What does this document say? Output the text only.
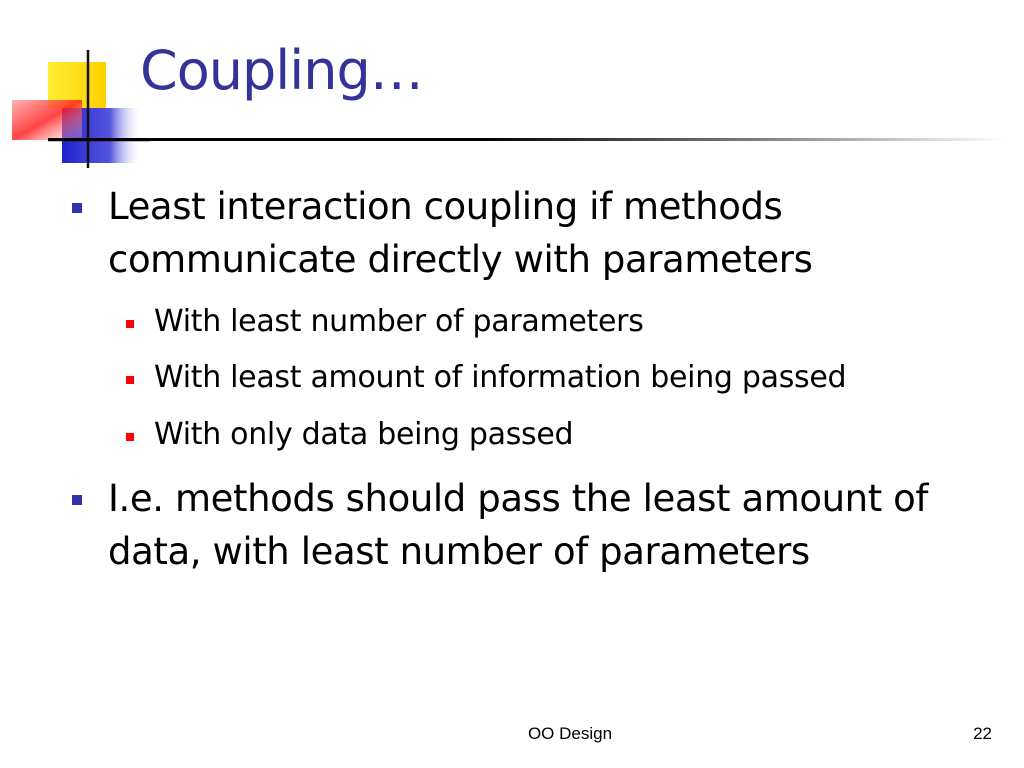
Coupling…
Least interaction coupling if methods communicate directly with parameters
With least number of parameters
With least amount of information being passed
With only data being passed
I.e. methods should pass the least amount of data, with least number of parameters
OO Design	22
